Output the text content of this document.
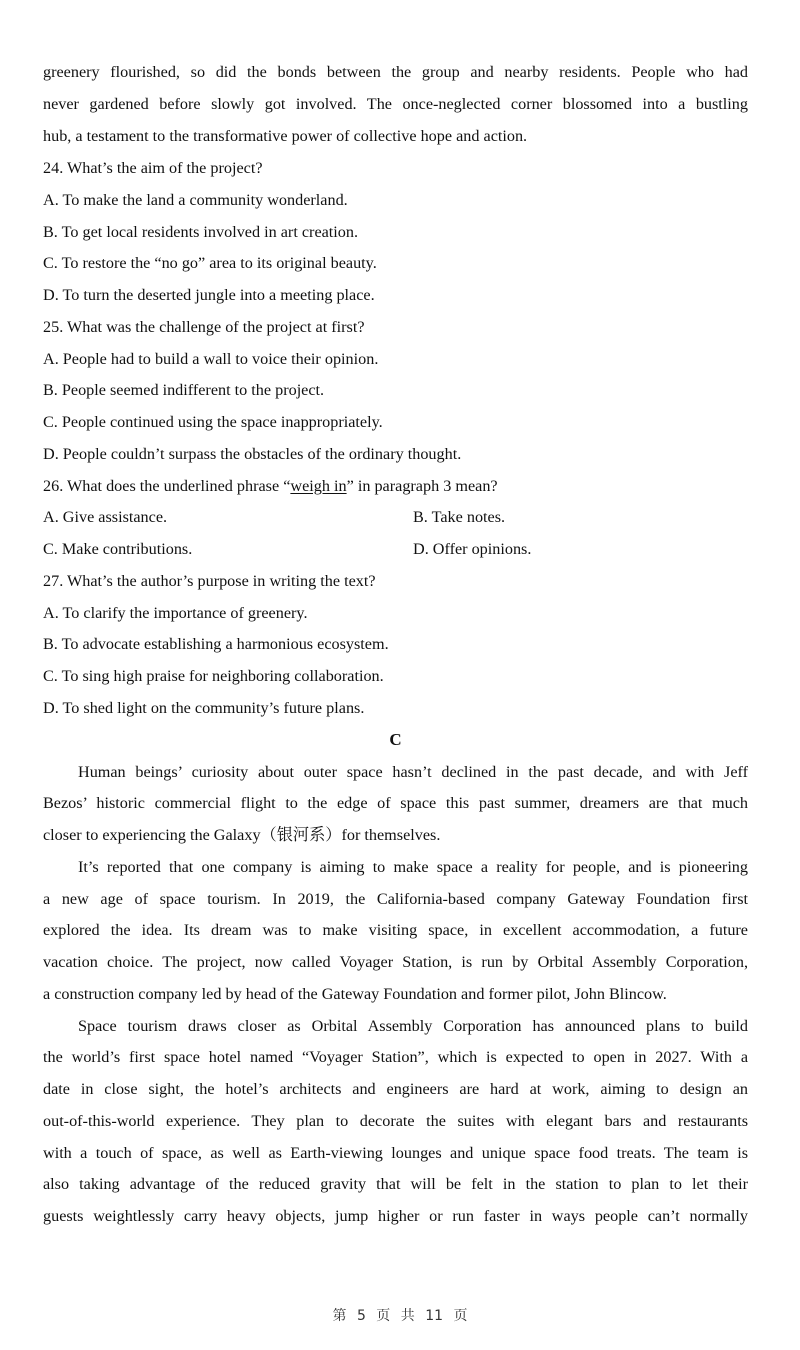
greenery flourished, so did the bonds between the group and nearby residents. People who had
never gardened before slowly got involved. The once-neglected corner blossomed into a bustling
hub, a testament to the transformative power of collective hope and action.
24. What’s the aim of the project?
A. To make the land a community wonderland.
B. To get local residents involved in art creation.
C. To restore the “no go” area to its original beauty.
D. To turn the deserted jungle into a meeting place.
25. What was the challenge of the project at first?
A. People had to build a wall to voice their opinion.
B. People seemed indifferent to the project.
C. People continued using the space inappropriately.
D. People couldn’t surpass the obstacles of the ordinary thought.
26. What does the underlined phrase “weigh in” in paragraph 3 mean?
A. Give assistance.	B. Take notes.
C. Make contributions.	D. Offer opinions.
27. What’s the author’s purpose in writing the text?
A. To clarify the importance of greenery.
B. To advocate establishing a harmonious ecosystem.
C. To sing high praise for neighboring collaboration.
D. To shed light on the community’s future plans.
C
Human beings’ curiosity about outer space hasn’t declined in the past decade, and with Jeff
Bezos’ historic commercial flight to the edge of space this past summer, dreamers are that much
closer to experiencing the Galaxy（银河系）for themselves.
It’s reported that one company is aiming to make space a reality for people, and is pioneering
a new age of space tourism. In 2019, the California-based company Gateway Foundation first
explored the idea. Its dream was to make visiting space, in excellent accommodation, a future
vacation choice. The project, now called Voyager Station, is run by Orbital Assembly Corporation,
a construction company led by head of the Gateway Foundation and former pilot, John Blincow.
Space tourism draws closer as Orbital Assembly Corporation has announced plans to build
the world’s first space hotel named “Voyager Station”, which is expected to open in 2027. With a
date in close sight, the hotel’s architects and engineers are hard at work, aiming to design an
out-of-this-world experience. They plan to decorate the suites with elegant bars and restaurants
with a touch of space, as well as Earth-viewing lounges and unique space food treats. The team is
also taking advantage of the reduced gravity that will be felt in the station to plan to let their
guests weightlessly carry heavy objects, jump higher or run faster in ways people can’t normally
第 5 页 共 11 页
